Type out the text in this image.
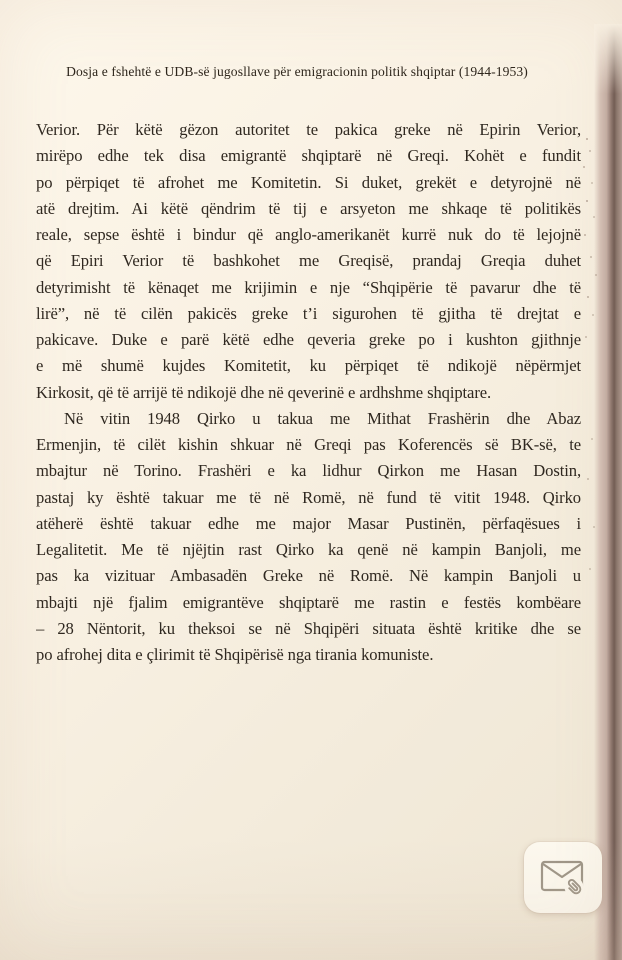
Dosja e fshehtë e UDB-së jugosllave për emigracionin politik shqiptar (1944-1953)
Verior. Për këtë gëzon autoritet te pakica greke në Epirin Verior,
mirëpo edhe tek disa emigrantë shqiptarë në Greqi. Kohët e fundit
po përpiqet të afrohet me Komitetin. Si duket, grekët e detyrojnë në
atë drejtim. Ai këtë qëndrim të tij e arsyeton me shkaqe të politikës
reale, sepse është i bindur që anglo-amerikanët kurrë nuk do të lejojnë
që Epiri Verior të bashkohet me Greqisë, prandaj Greqia duhet
detyrimisht të kënaqet me krijimin e nje “Shqipërie të pavarur dhe të
lirë”, në të cilën pakicës greke t’i sigurohen të gjitha të drejtat e
pakicave. Duke e parë këtë edhe qeveria greke po i kushton gjithnje
e më shumë kujdes Komitetit, ku përpiqet të ndikojë nëpërmjet
Kirkosit, që të arrijë të ndikojë dhe në qeverinë e ardhshme shqiptare.
Në vitin 1948 Qirko u takua me Mithat Frashërin dhe Abaz
Ermenjin, të cilët kishin shkuar në Greqi pas Koferencës së BK-së, te
mbajtur në Torino. Frashëri e ka lidhur Qirkon me Hasan Dostin,
pastaj ky është takuar me të në Romë, në fund të vitit 1948. Qirko
atëherë është takuar edhe me major Masar Pustinën, përfaqësues i
Legalitetit. Me të njëjtin rast Qirko ka qenë në kampin Banjoli, me
pas ka vizituar Ambasadën Greke në Romë. Në kampin Banjoli u
mbajti një fjalim emigrantëve shqiptarë me rastin e festës kombëare
– 28 Nëntorit, ku theksoi se në Shqipëri situata është kritike dhe se
po afrohej dita e çlirimit të Shqipërisë nga tirania komuniste.
